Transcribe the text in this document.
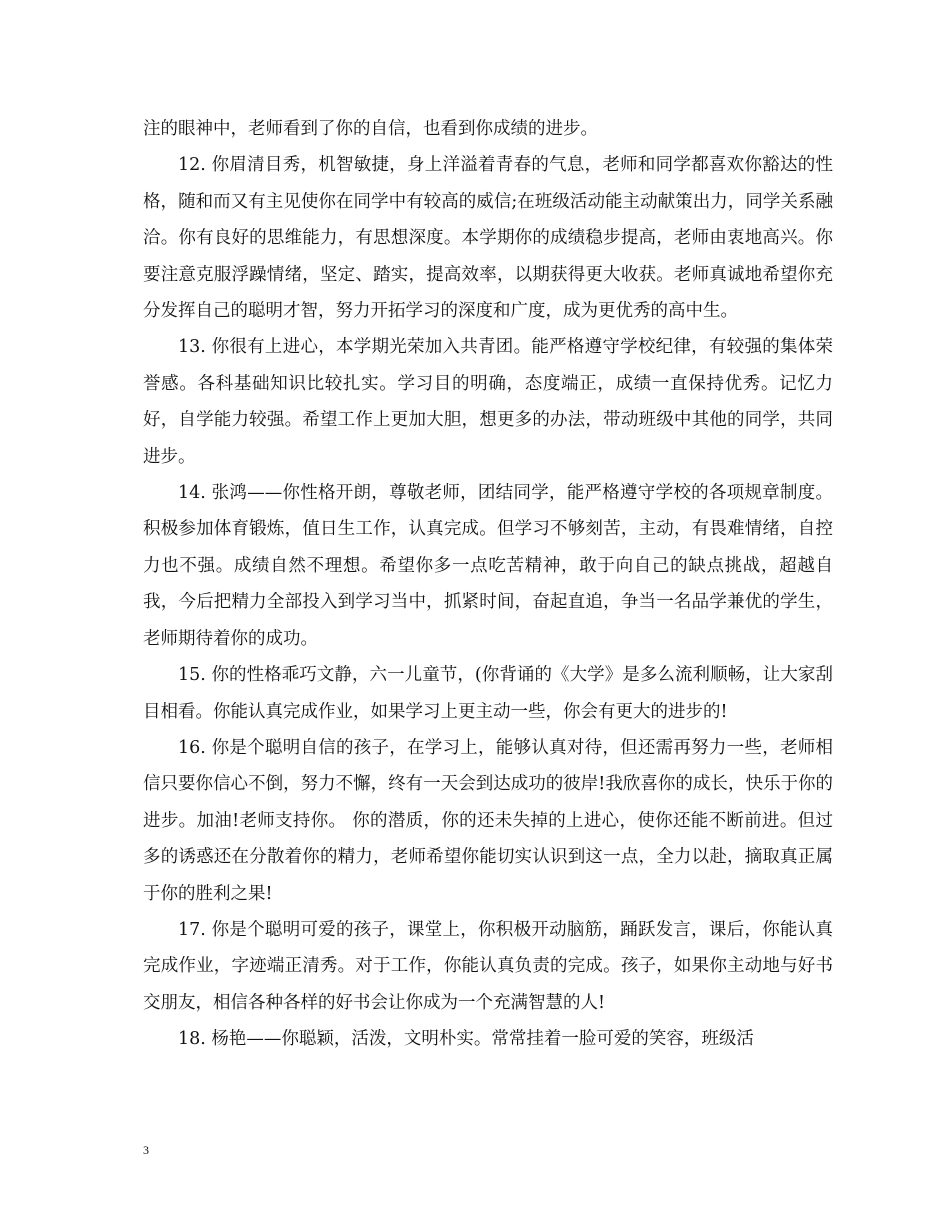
注的眼神中，老师看到了你的自信，也看到你成绩的进步。

12. 你眉清目秀，机智敏捷，身上洋溢着青春的气息，老师和同学都喜欢你豁达的性格，随和而又有主见使你在同学中有较高的威信;在班级活动能主动献策出力，同学关系融洽。你有良好的思维能力，有思想深度。本学期你的成绩稳步提高，老师由衷地高兴。你要注意克服浮躁情绪，坚定、踏实，提高效率，以期获得更大收获。老师真诚地希望你充分发挥自己的聪明才智，努力开拓学习的深度和广度，成为更优秀的高中生。

13. 你很有上进心，本学期光荣加入共青团。能严格遵守学校纪律，有较强的集体荣誉感。各科基础知识比较扎实。学习目的明确，态度端正，成绩一直保持优秀。记忆力好，自学能力较强。希望工作上更加大胆，想更多的办法，带动班级中其他的同学，共同进步。

14. 张鸿——你性格开朗，尊敬老师，团结同学，能严格遵守学校的各项规章制度。积极参加体育锻炼，值日生工作，认真完成。但学习不够刻苦，主动，有畏难情绪，自控力也不强。成绩自然不理想。希望你多一点吃苦精神，敢于向自己的缺点挑战，超越自我，今后把精力全部投入到学习当中，抓紧时间，奋起直追，争当一名品学兼优的学生，老师期待着你的成功。

15. 你的性格乖巧文静，六一儿童节，(你背诵的《大学》是多么流利顺畅，让大家刮目相看。你能认真完成作业，如果学习上更主动一些，你会有更大的进步的!

16. 你是个聪明自信的孩子，在学习上，能够认真对待，但还需再努力一些，老师相信只要你信心不倒，努力不懈，终有一天会到达成功的彼岸!我欣喜你的成长，快乐于你的进步。加油!老师支持你。 你的潜质，你的还未失掉的上进心，使你还能不断前进。但过多的诱惑还在分散着你的精力，老师希望你能切实认识到这一点，全力以赴，摘取真正属于你的胜利之果!

17. 你是个聪明可爱的孩子，课堂上，你积极开动脑筋，踊跃发言，课后，你能认真完成作业，字迹端正清秀。对于工作，你能认真负责的完成。孩子，如果你主动地与好书交朋友，相信各种各样的好书会让你成为一个充满智慧的人!

18. 杨艳——你聪颖，活泼，文明朴实。常常挂着一脸可爱的笑容，班级活

3
